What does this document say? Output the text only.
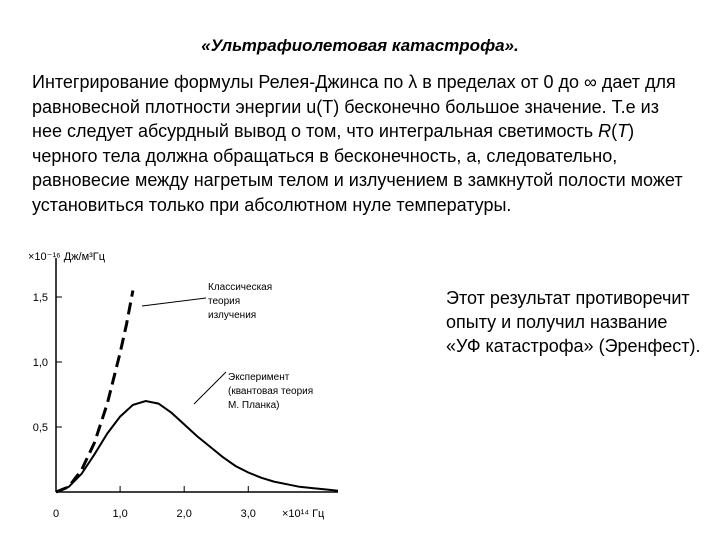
«Ультрафиолетовая катастрофа».
Интегрирование формулы Релея-Джинса по λ в пределах от 0 до ∞ дает для равновесной плотности энергии u(T) бесконечно большое значение. Т.е из нее следует абсурдный вывод о том, что интегральная светимость R(T) черного тела должна обращаться в бесконечность, а, следовательно, равновесие между нагретым телом и излучением в замкнутой полости может установиться только при абсолютном нуле температуры.
Этот результат противоречит опыту и получил название «УФ катастрофа» (Эренфест).
×10⁻¹⁶ Дж/м³Гц
×10¹⁴ Гц
0,5
1,0
1,5
0	1,0	2,0	3,0
Классическая
теория
излучения
Эксперимент
(квантовая теория
М. Планка)
